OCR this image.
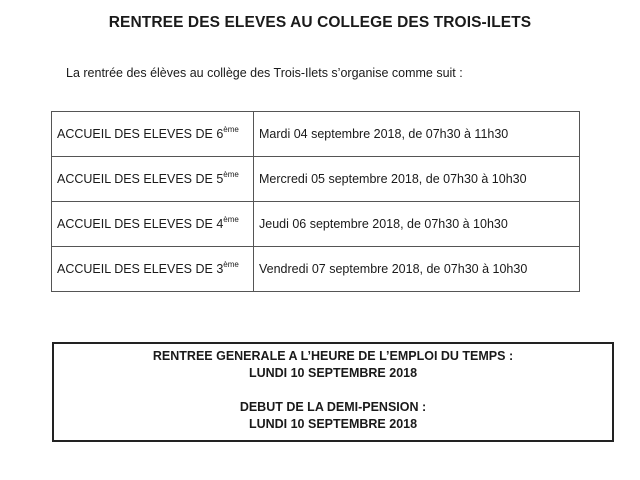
RENTREE DES ELEVES AU COLLEGE DES TROIS-ILETS
La rentrée des élèves au collège des Trois-Ilets s’organise comme suit :
ACCUEIL DES ELEVES DE 6ème	Mardi 04 septembre 2018, de 07h30 à 11h30
ACCUEIL DES ELEVES DE 5ème	Mercredi 05 septembre 2018, de 07h30 à 10h30
ACCUEIL DES ELEVES DE 4ème	Jeudi 06 septembre 2018, de 07h30 à 10h30
ACCUEIL DES ELEVES DE 3ème	Vendredi 07 septembre 2018, de 07h30 à 10h30
RENTREE GENERALE A L’HEURE DE L’EMPLOI DU TEMPS :
LUNDI 10 SEPTEMBRE 2018
DEBUT DE LA DEMI-PENSION :
LUNDI 10 SEPTEMBRE 2018
